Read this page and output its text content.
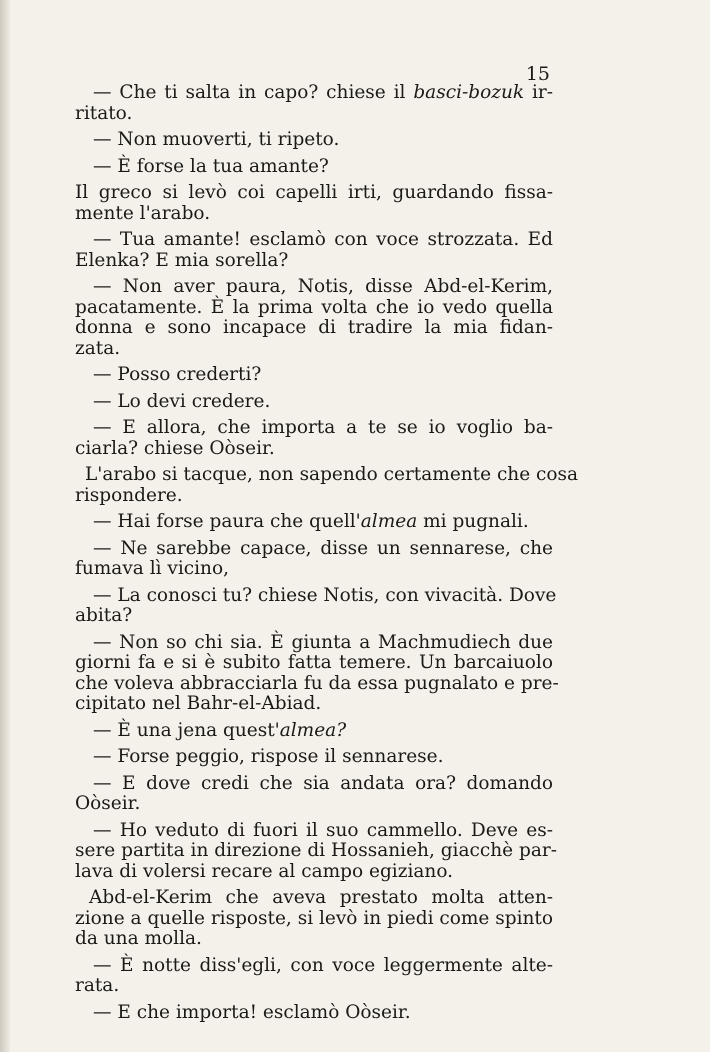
15
— Che ti salta in capo? chiese il basci-bozuk ir-
ritato.
— Non muoverti, ti ripeto.
— È forse la tua amante?
Il greco si levò coi capelli irti, guardando fissa-
mente l'arabo.
— Tua amante! esclamò con voce strozzata. Ed
Elenka? E mia sorella?
— Non aver paura, Notis, disse Abd-el-Kerim,
pacatamente. È la prima volta che io vedo quella
donna e sono incapace di tradire la mia fidan-
zata.
— Posso crederti?
— Lo devi credere.
— E allora, che importa a te se io voglio ba-
ciarla? chiese Oòseir.
L'arabo si tacque, non sapendo certamente che cosa
rispondere.
— Hai forse paura che quell'almea mi pugnali.
— Ne sarebbe capace, disse un sennarese, che
fumava lì vicino,
— La conosci tu? chiese Notis, con vivacità. Dove
abita?
— Non so chi sia. È giunta a Machmudiech due
giorni fa e si è subito fatta temere. Un barcaiuolo
che voleva abbracciarla fu da essa pugnalato e pre-
cipitato nel Bahr-el-Abiad.
— È una jena quest'almea?
— Forse peggio, rispose il sennarese.
— E dove credi che sia andata ora? domando
Oòseir.
— Ho veduto di fuori il suo cammello. Deve es-
sere partita in direzione di Hossanieh, giacchè par-
lava di volersi recare al campo egiziano.
Abd-el-Kerim che aveva prestato molta atten-
zione a quelle risposte, si levò in piedi come spinto
da una molla.
— È notte diss'egli, con voce leggermente alte-
rata.
— E che importa! esclamò Oòseir.
